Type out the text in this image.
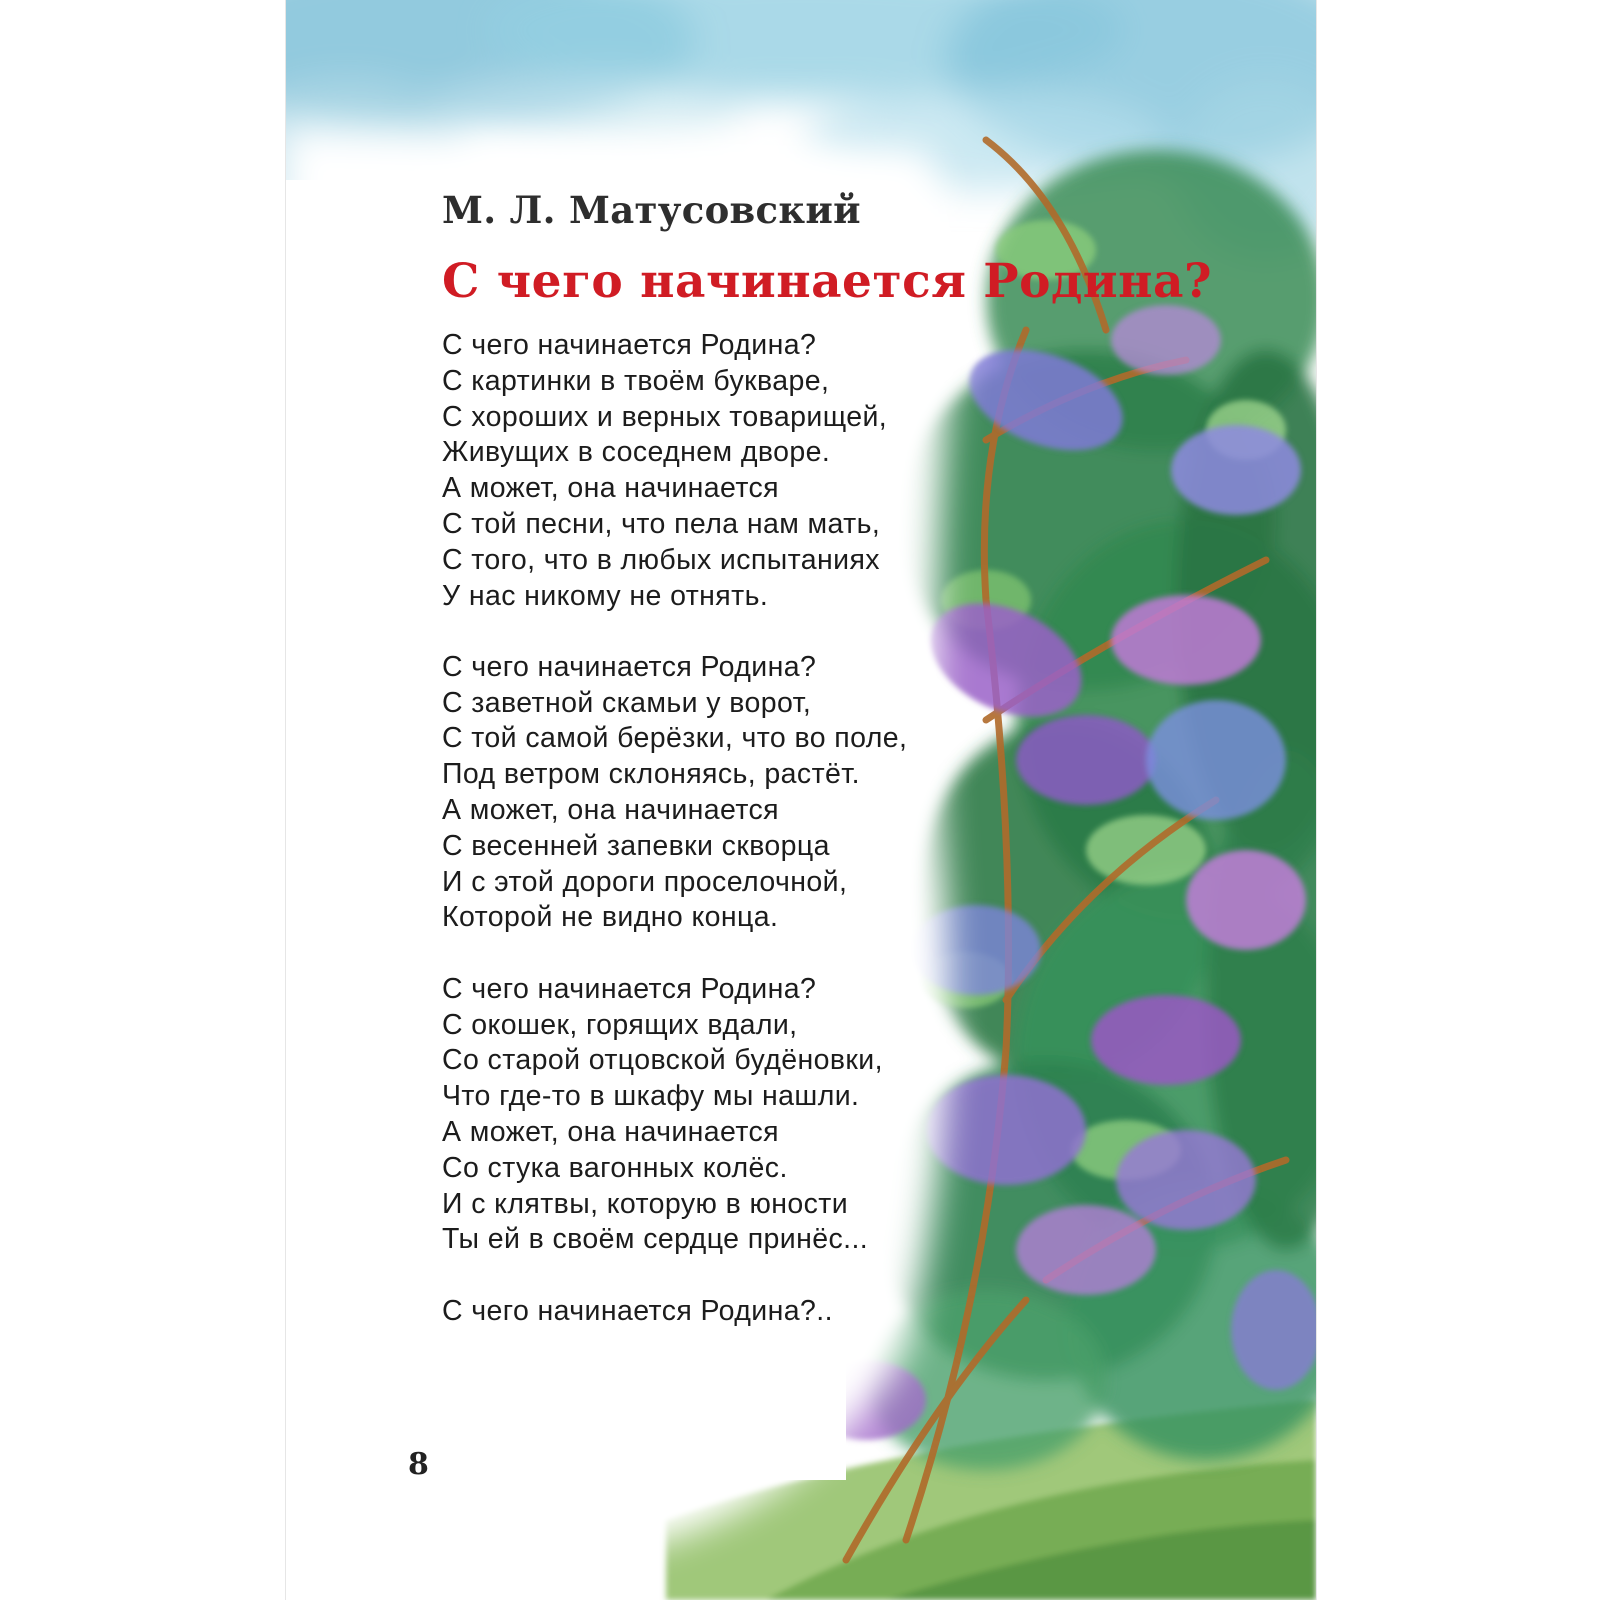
М. Л. Матусовский
С чего начинается Родина?
С чего начинается Родина?
С картинки в твоём букваре,
С хороших и верных товарищей,
Живущих в соседнем дворе.
А может, она начинается
С той песни, что пела нам мать,
С того, что в любых испытаниях
У нас никому не отнять.
С чего начинается Родина?
С заветной скамьи у ворот,
С той самой берёзки, что во поле,
Под ветром склоняясь, растёт.
А может, она начинается
С весенней запевки скворца
И с этой дороги проселочной,
Которой не видно конца.
С чего начинается Родина?
С окошек, горящих вдали,
Со старой отцовской будёновки,
Что где-то в шкафу мы нашли.
А может, она начинается
Со стука вагонных колёс.
И с клятвы, которую в юности
Ты ей в своём сердце принёс...
С чего начинается Родина?..
8
